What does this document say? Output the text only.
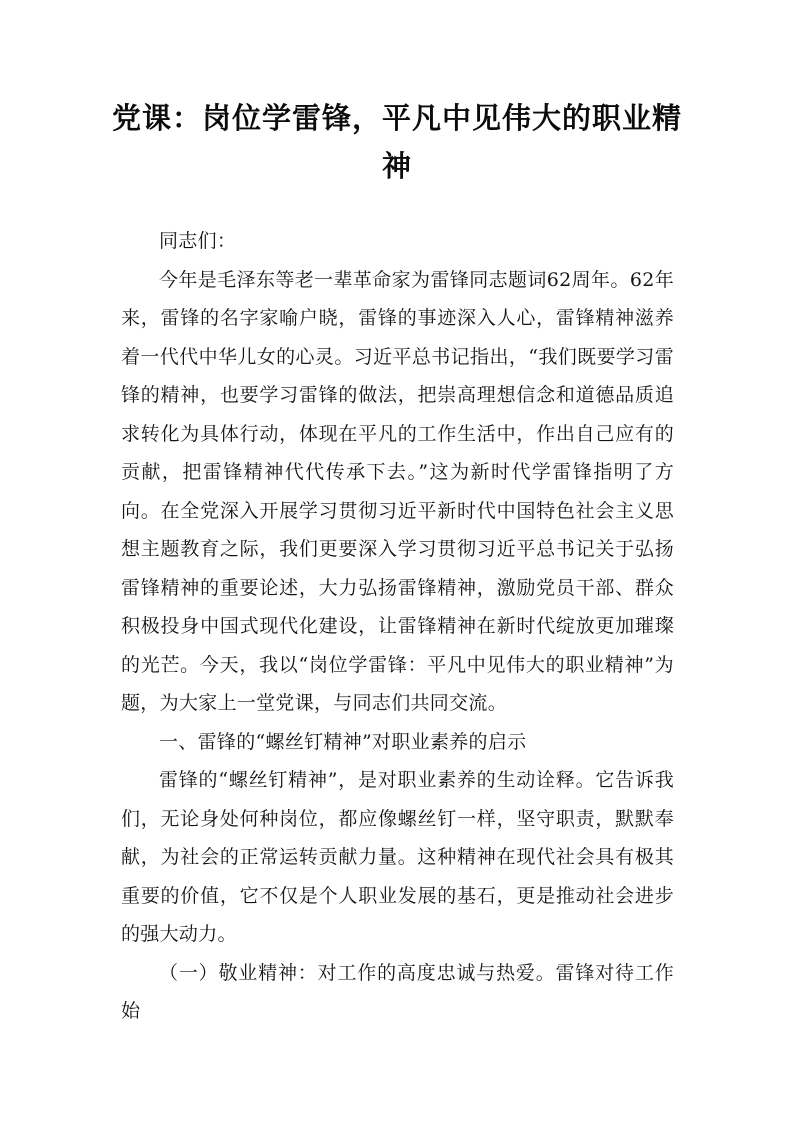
党课：岗位学雷锋，平凡中见伟大的职业精神

同志们：

今年是毛泽东等老一辈革命家为雷锋同志题词62周年。62年来，雷锋的名字家喻户晓，雷锋的事迹深入人心，雷锋精神滋养着一代代中华儿女的心灵。习近平总书记指出，“我们既要学习雷锋的精神，也要学习雷锋的做法，把崇高理想信念和道德品质追求转化为具体行动，体现在平凡的工作生活中，作出自己应有的贡献，把雷锋精神代代传承下去。”这为新时代学雷锋指明了方向。在全党深入开展学习贯彻习近平新时代中国特色社会主义思想主题教育之际，我们更要深入学习贯彻习近平总书记关于弘扬雷锋精神的重要论述，大力弘扬雷锋精神，激励党员干部、群众积极投身中国式现代化建设，让雷锋精神在新时代绽放更加璀璨的光芒。今天，我以“岗位学雷锋：平凡中见伟大的职业精神”为题，为大家上一堂党课，与同志们共同交流。

一、雷锋的“螺丝钉精神”对职业素养的启示

雷锋的“螺丝钉精神”，是对职业素养的生动诠释。它告诉我们，无论身处何种岗位，都应像螺丝钉一样，坚守职责，默默奉献，为社会的正常运转贡献力量。这种精神在现代社会具有极其重要的价值，它不仅是个人职业发展的基石，更是推动社会进步的强大动力。

（一）敬业精神：对工作的高度忠诚与热爱。雷锋对待工作始
